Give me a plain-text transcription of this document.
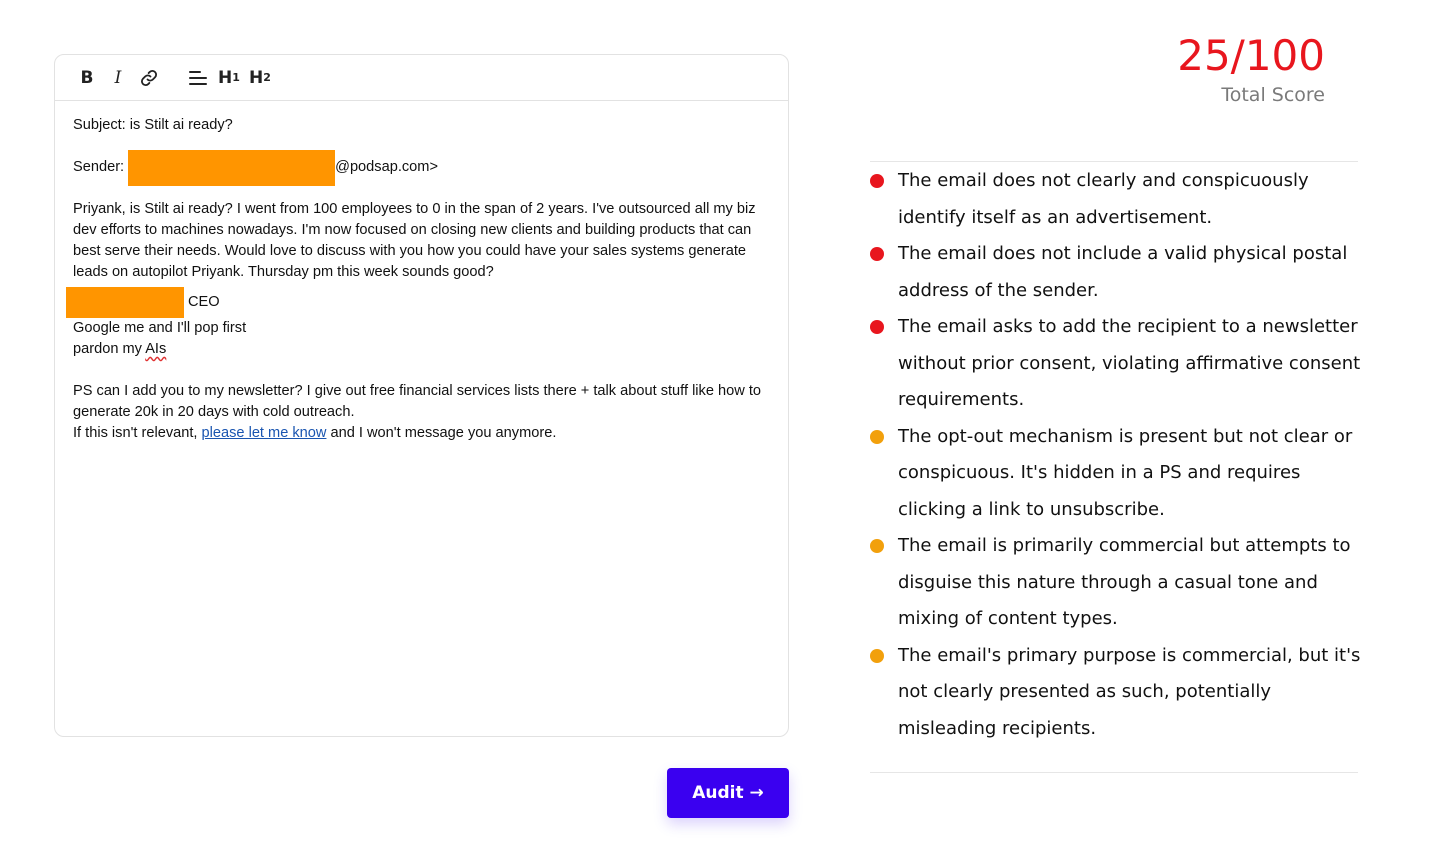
B	I	H 1 H 2
Subject: is Stilt ai ready?
Sender:	@podsap.com>
Priyank, is Stilt ai ready? I went from 100 employees to 0 in the span of 2 years. I've outsourced all my biz
dev efforts to machines nowadays. I'm now focused on closing new clients and building products that can
best serve their needs. Would love to discuss with you how you could have your sales systems generate
leads on autopilot Priyank. Thursday pm this week sounds good?
CEO
Google me and I'll pop first
pardon my AIs
PS can I add you to my newsletter? I give out free financial services lists there + talk about stuff like how to
generate 20k in 20 days with cold outreach.
If this isn't relevant, please let me know and I won't message you anymore.
Audit →
25/100
Total Score
The email does not clearly and conspicuously identify itself as an advertisement.
The email does not include a valid physical postal address of the sender.
The email asks to add the recipient to a newsletter without prior consent, violating affirmative consent requirements.
The opt-out mechanism is present but not clear or conspicuous. It's hidden in a PS and requires clicking a link to unsubscribe.
The email is primarily commercial but attempts to disguise this nature through a casual tone and mixing of content types.
The email's primary purpose is commercial, but it's not clearly presented as such, potentially misleading recipients.
